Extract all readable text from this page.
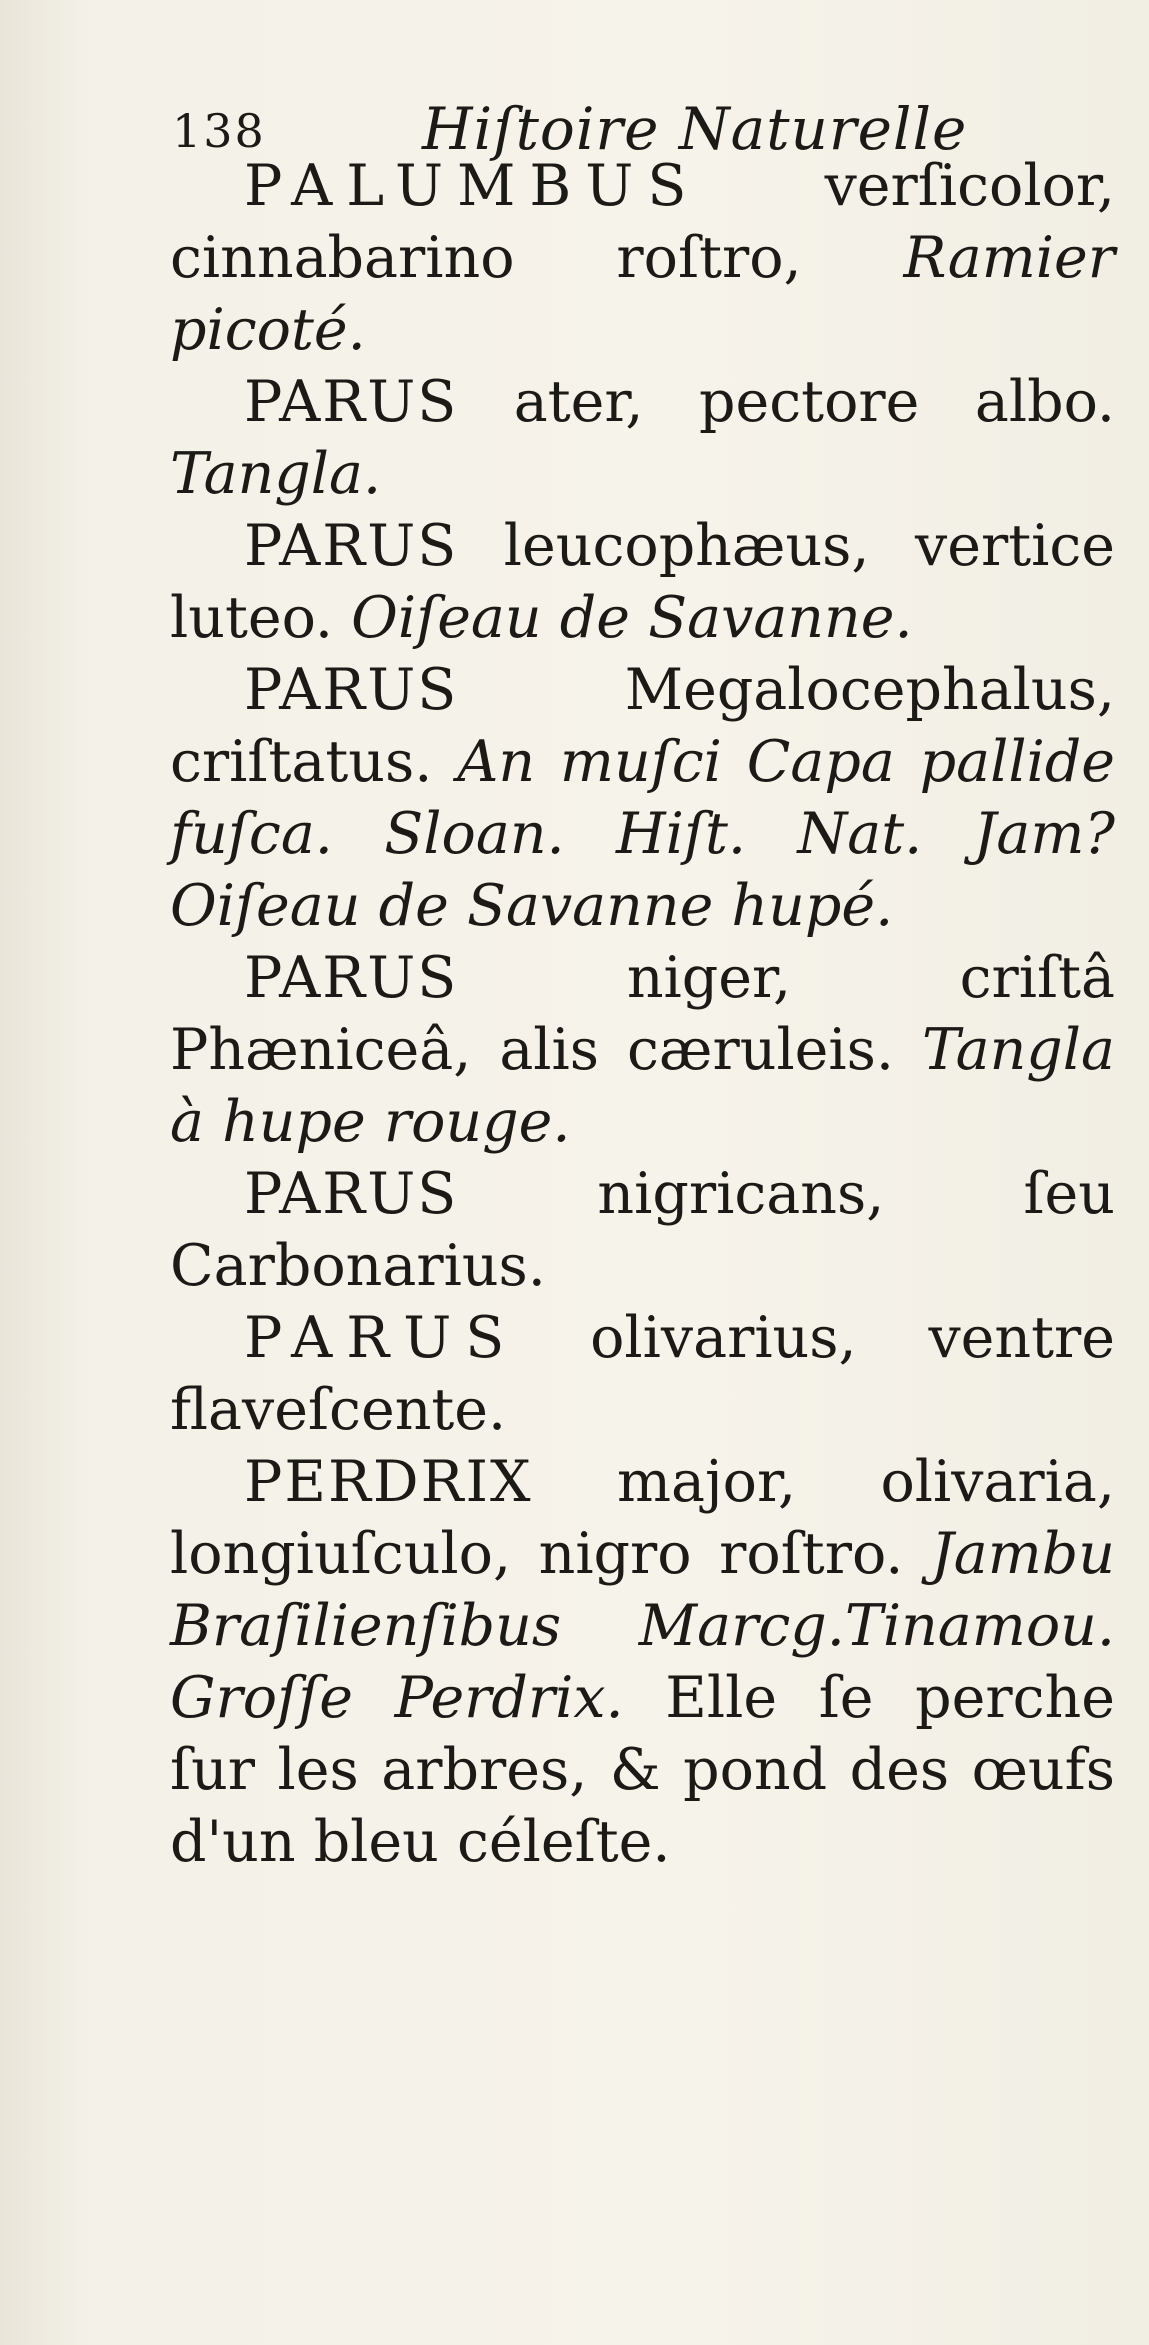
138	Hiſtoire Naturelle

PALUMBUS verſicolor, cinnabarino roſtro, Ramier picoté.

PARUS ater, pectore albo. Tangla.

PARUS leucophæus, vertice luteo. Oiſeau de Savanne.

PARUS Megalocephalus, criſtatus. An muſci Capa pallide fuſca. Sloan. Hiſt. Nat. Jam? Oiſeau de Savanne hupé.

PARUS niger, criſtâ Phæniceâ, alis cæruleis. Tangla à hupe rouge.

PARUS nigricans, ſeu Carbonarius.

PARUS olivarius, ventre flaveſcente.

PERDRIX major, olivaria, longiuſculo, nigro roſtro. Jambu Braſilienſibus Marcg.Tinamou. Groſſe Perdrix. Elle ſe perche ſur les arbres, & pond des œufs d'un bleu céleſte.
